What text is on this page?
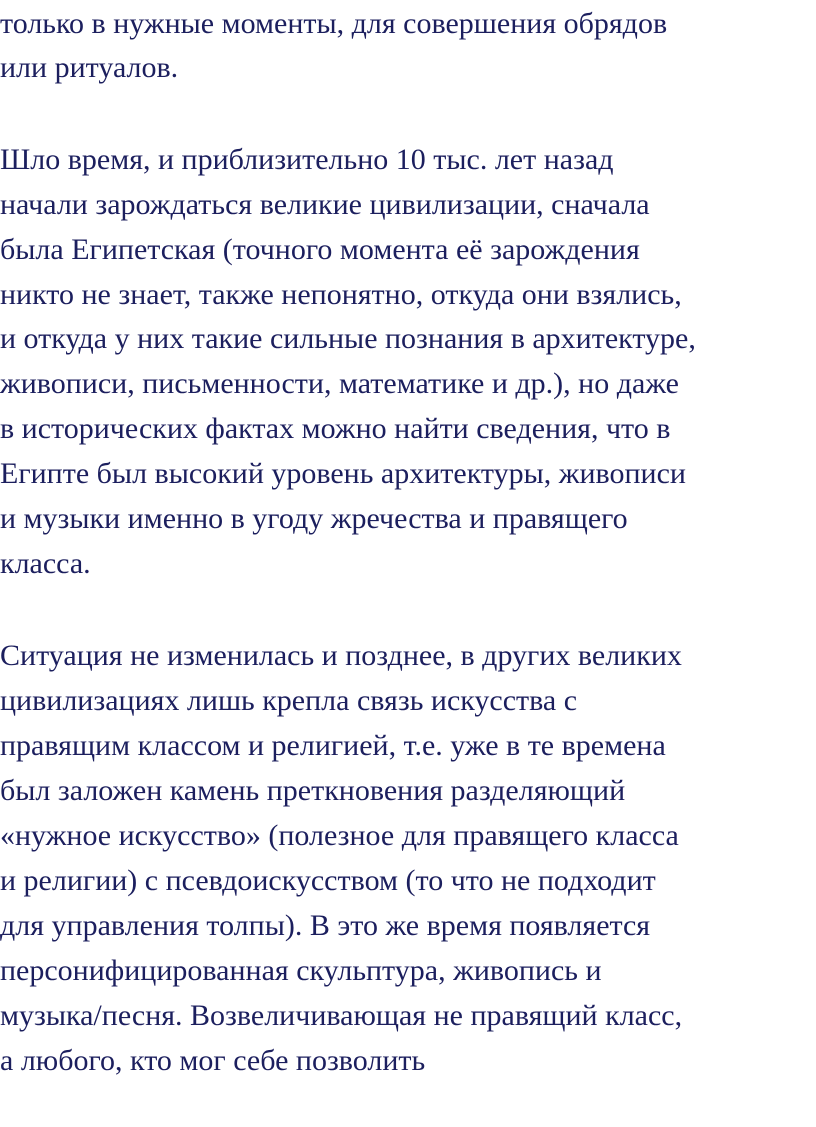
только в нужные моменты, для совершения обрядов
или ритуалов.
Шло время, и приблизительно 10 тыс. лет назад
начали зарождаться великие цивилизации, сначала
была Египетская (точного момента её зарождения
никто не знает, также непонятно, откуда они взялись,
и откуда у них такие сильные познания в архитектуре,
живописи, письменности, математике и др.), но даже
в исторических фактах можно найти сведения, что в
Египте был высокий уровень архитектуры, живописи
и музыки именно в угоду жречества и правящего
класса.
Ситуация не изменилась и позднее, в других великих
цивилизациях лишь крепла связь искусства с
правящим классом и религией, т.е. уже в те времена
был заложен камень преткновения разделяющий
«нужное искусство» (полезное для правящего класса
и религии) с псевдоискусством (то что не подходит
для управления толпы). В это же время появляется
персонифицированная скульптура, живопись и
музыка/песня. Возвеличивающая не правящий класс,
а любого, кто мог себе позволить
